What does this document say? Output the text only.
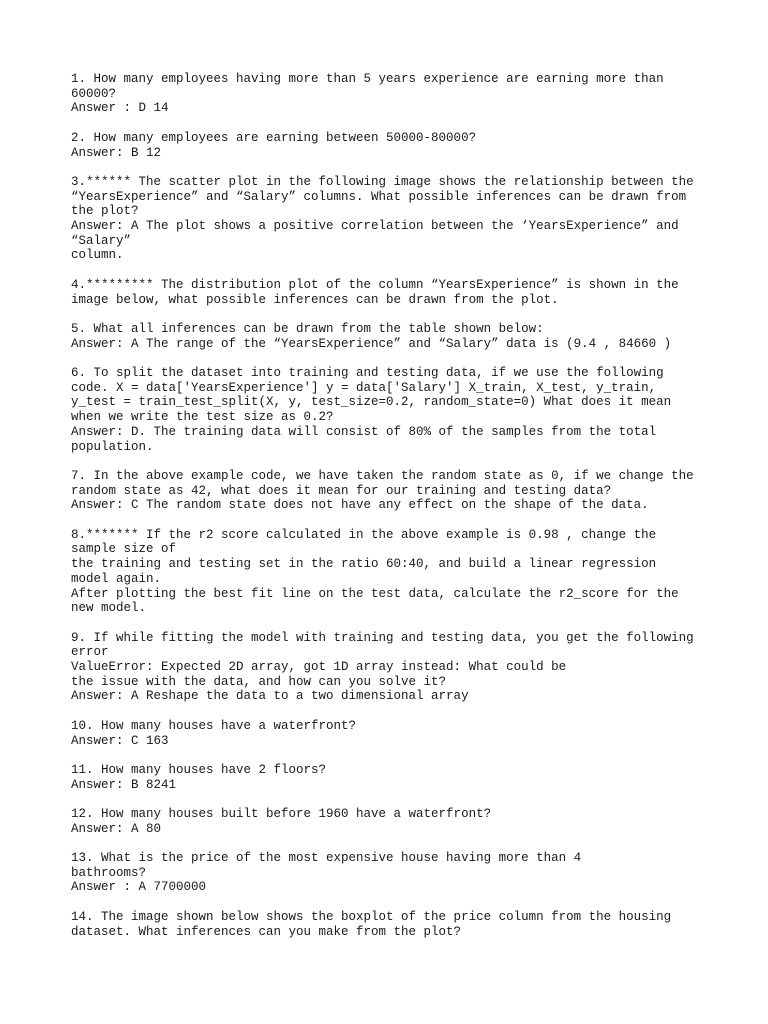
1. How many employees having more than 5 years experience are earning more than
60000?
Answer : D 14
2. How many employees are earning between 50000-80000?
Answer: B 12
3.****** The scatter plot in the following image shows the relationship between the
“YearsExperience” and “Salary” columns. What possible inferences can be drawn from
the plot?
Answer: A The plot shows a positive correlation between the ‘YearsExperience” and
“Salary”
column.
4.********* The distribution plot of the column “YearsExperience” is shown in the
image below, what possible inferences can be drawn from the plot.
5. What all inferences can be drawn from the table shown below:
Answer: A The range of the “YearsExperience” and “Salary” data is (9.4 , 84660 )
6. To split the dataset into training and testing data, if we use the following
code. X = data['YearsExperience'] y = data['Salary'] X_train, X_test, y_train,
y_test = train_test_split(X, y, test_size=0.2, random_state=0) What does it mean
when we write the test size as 0.2?
Answer: D. The training data will consist of 80% of the samples from the total
population.
7. In the above example code, we have taken the random state as 0, if we change the
random state as 42, what does it mean for our training and testing data?
Answer: C The random state does not have any effect on the shape of the data.
8.******* If the r2 score calculated in the above example is 0.98 , change the
sample size of
the training and testing set in the ratio 60:40, and build a linear regression
model again.
After plotting the best fit line on the test data, calculate the r2_score for the
new model.
9. If while fitting the model with training and testing data, you get the following
error
ValueError: Expected 2D array, got 1D array instead: What could be
the issue with the data, and how can you solve it?
Answer: A Reshape the data to a two dimensional array
10. How many houses have a waterfront?
Answer: C 163
11. How many houses have 2 floors?
Answer: B 8241
12. How many houses built before 1960 have a waterfront?
Answer: A 80
13. What is the price of the most expensive house having more than 4
bathrooms?
Answer : A 7700000
14. The image shown below shows the boxplot of the price column from the housing
dataset. What inferences can you make from the plot?
